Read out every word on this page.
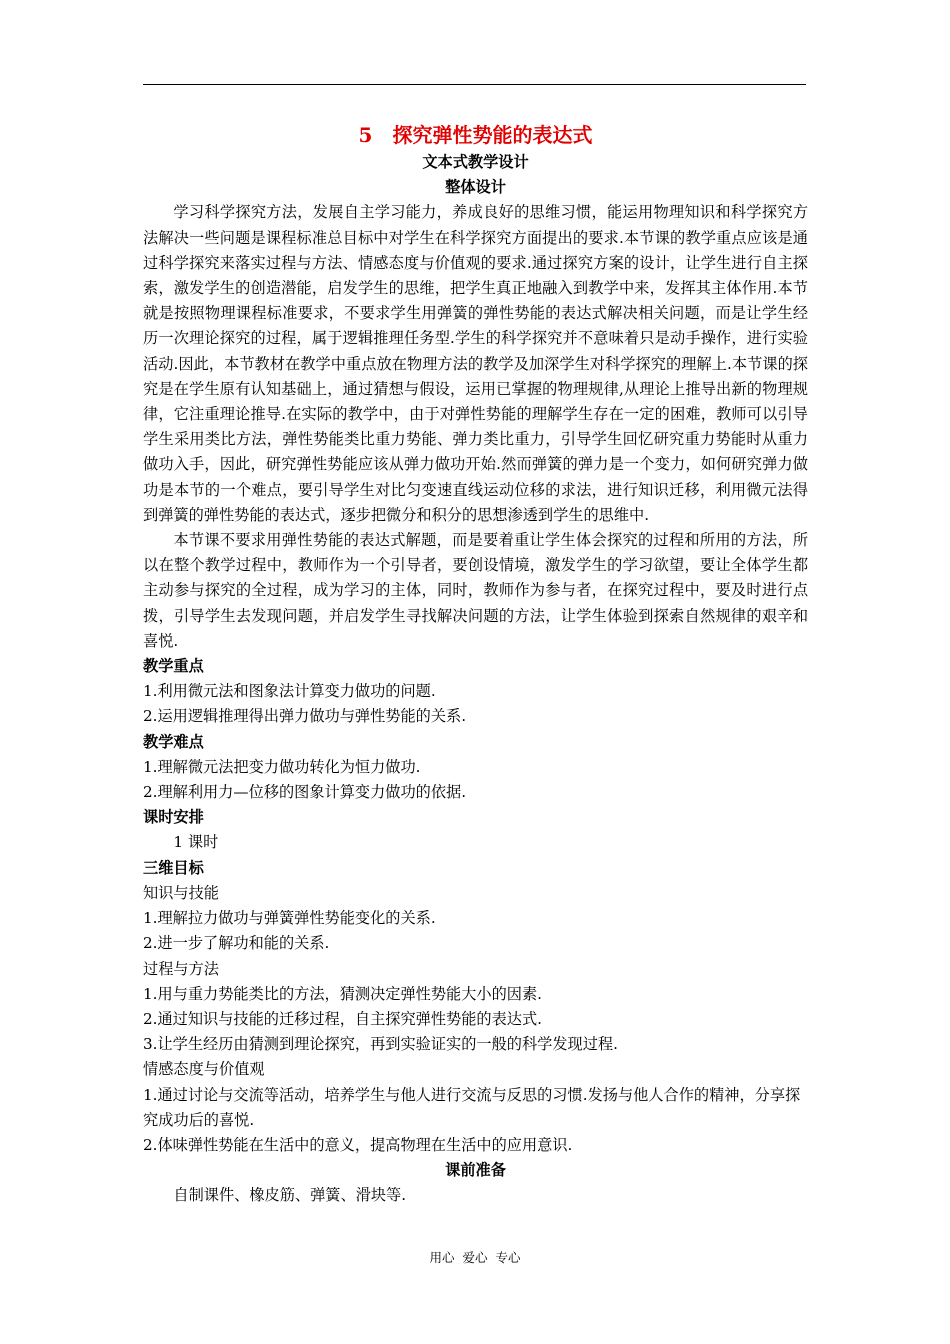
5　探究弹性势能的表达式
文本式教学设计
整体设计

学习科学探究方法，发展自主学习能力，养成良好的思维习惯，能运用物理知识和科学探究方法解决一些问题是课程标准总目标中对学生在科学探究方面提出的要求.本节课的教学重点应该是通过科学探究来落实过程与方法、情感态度与价值观的要求.通过探究方案的设计，让学生进行自主探索，激发学生的创造潜能，启发学生的思维，把学生真正地融入到教学中来，发挥其主体作用.本节就是按照物理课程标准要求，不要求学生用弹簧的弹性势能的表达式解决相关问题，而是让学生经历一次理论探究的过程，属于逻辑推理任务型.学生的科学探究并不意味着只是动手操作，进行实验活动.因此，本节教材在教学中重点放在物理方法的教学及加深学生对科学探究的理解上.本节课的探究是在学生原有认知基础上，通过猜想与假设，运用已掌握的物理规律,从理论上推导出新的物理规律，它注重理论推导.在实际的教学中，由于对弹性势能的理解学生存在一定的困难，教师可以引导学生采用类比方法，弹性势能类比重力势能、弹力类比重力，引导学生回忆研究重力势能时从重力做功入手，因此，研究弹性势能应该从弹力做功开始.然而弹簧的弹力是一个变力，如何研究弹力做功是本节的一个难点，要引导学生对比匀变速直线运动位移的求法，进行知识迁移，利用微元法得到弹簧的弹性势能的表达式，逐步把微分和积分的思想渗透到学生的思维中.

本节课不要求用弹性势能的表达式解题，而是要着重让学生体会探究的过程和所用的方法，所以在整个教学过程中，教师作为一个引导者，要创设情境，激发学生的学习欲望，要让全体学生都主动参与探究的全过程，成为学习的主体，同时，教师作为参与者，在探究过程中，要及时进行点拨，引导学生去发现问题，并启发学生寻找解决问题的方法，让学生体验到探索自然规律的艰辛和喜悦.

教学重点

1.利用微元法和图象法计算变力做功的问题.

2.运用逻辑推理得出弹力做功与弹性势能的关系.

教学难点

1.理解微元法把变力做功转化为恒力做功.

2.理解利用力—位移的图象计算变力做功的依据.

课时安排

1 课时

三维目标

知识与技能

1.理解拉力做功与弹簧弹性势能变化的关系.

2.进一步了解功和能的关系.

过程与方法

1.用与重力势能类比的方法，猜测决定弹性势能大小的因素.

2.通过知识与技能的迁移过程，自主探究弹性势能的表达式.

3.让学生经历由猜测到理论探究，再到实验证实的一般的科学发现过程.

情感态度与价值观

1.通过讨论与交流等活动，培养学生与他人进行交流与反思的习惯.发扬与他人合作的精神，分享探究成功后的喜悦.

2.体味弹性势能在生活中的意义，提高物理在生活中的应用意识.

课前准备

自制课件、橡皮筋、弹簧、滑块等.

用心  爱心  专心
